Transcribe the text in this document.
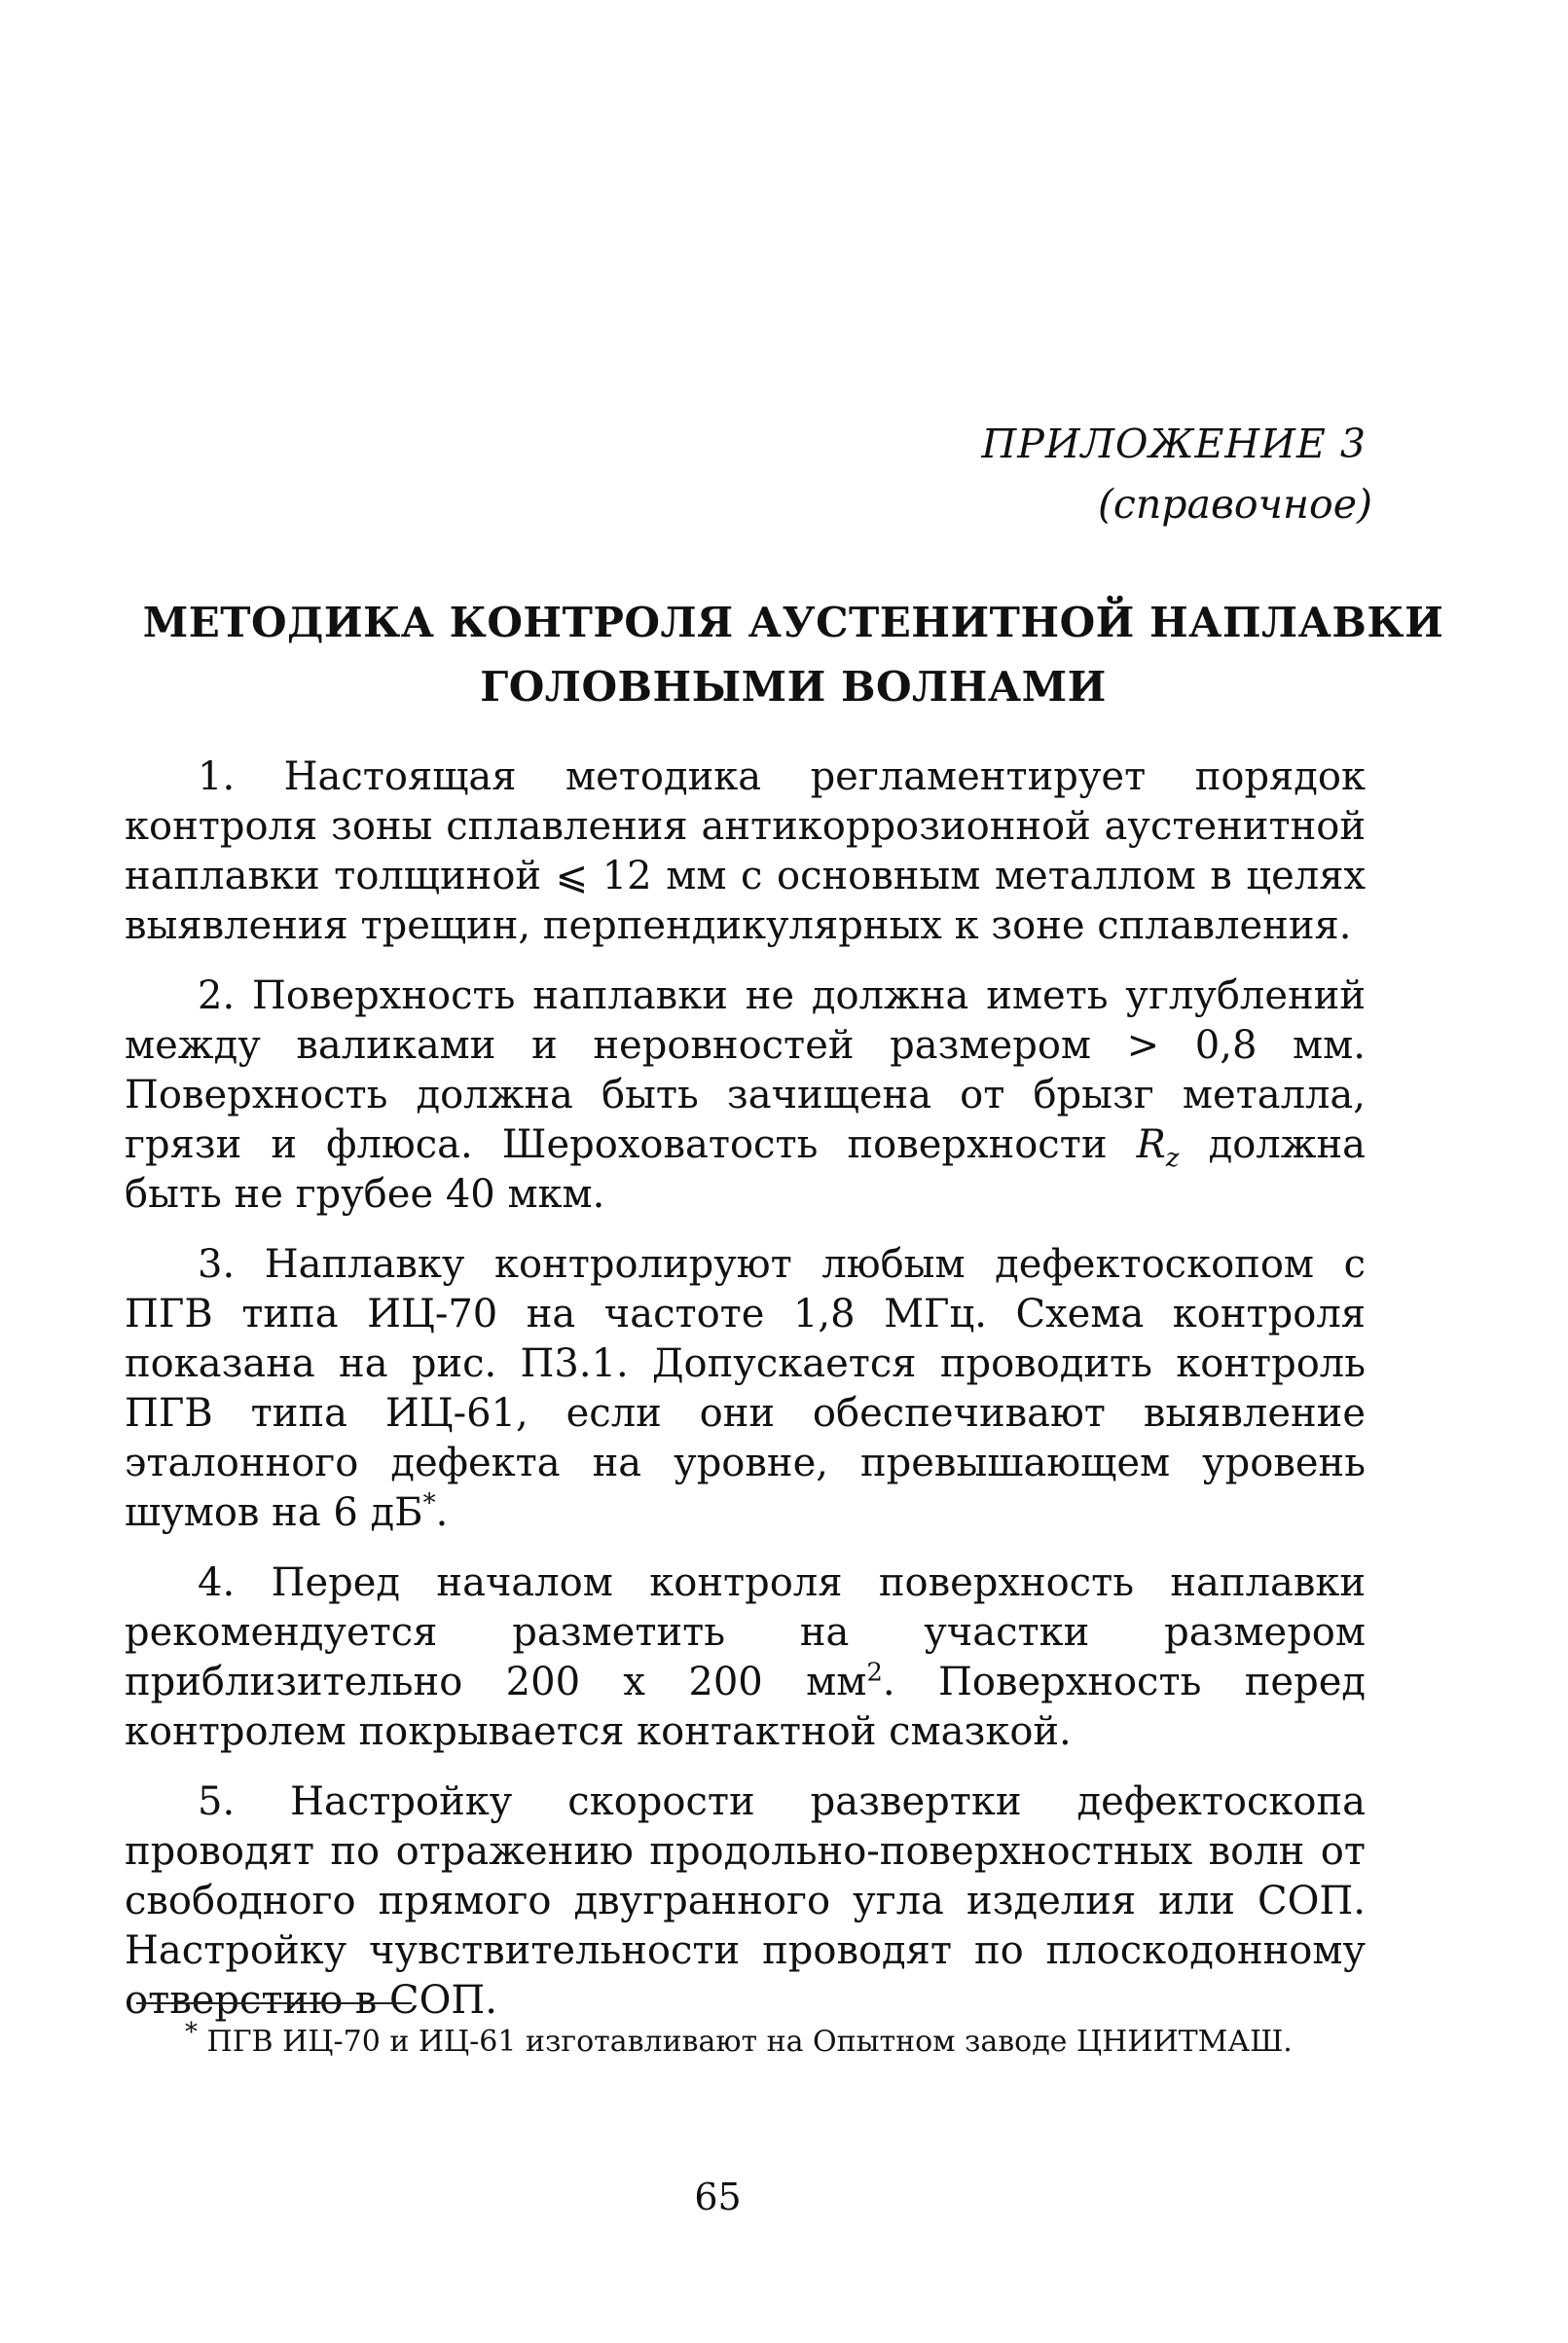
ПРИЛОЖЕНИЕ 3
(справочное)
МЕТОДИКА КОНТРОЛЯ АУСТЕНИТНОЙ НАПЛАВКИ
ГОЛОВНЫМИ ВОЛНАМИ

1. Настоящая методика регламентирует порядок контроля зоны сплавления антикоррозионной аустенитной наплавки толщиной ⩽ 12 мм с основным металлом в целях выявления трещин, перпендикулярных к зоне сплавления.

2. Поверхность наплавки не должна иметь углублений между валиками и неровностей размером > 0,8 мм. Поверхность должна быть зачищена от брызг металла, грязи и флюса. Шероховатость поверхности $R_z$ должна быть не грубее 40 мкм.

3. Наплавку контролируют любым дефектоскопом с ПГВ типа ИЦ-70 на частоте 1,8 МГц. Схема контроля показана на рис. П3.1. Допускается проводить контроль ПГВ типа ИЦ-61, если они обеспечивают выявление эталонного дефекта на уровне, превышающем уровень шумов на 6 дБ*.

4. Перед началом контроля поверхность наплавки рекомендуется разметить на участки размером приблизительно 200 x 200 $мм^2$. Поверхность перед контролем покрывается контактной смазкой.

5. Настройку скорости развертки дефектоскопа проводят по отражению продольно-поверхностных волн от свободного прямого двугранного угла изделия или СОП. Настройку чувствительности проводят по плоскодонному отверстию в СОП.

* ПГВ ИЦ-70 и ИЦ-61 изготавливают на Опытном заводе ЦНИИТМАШ.
65
